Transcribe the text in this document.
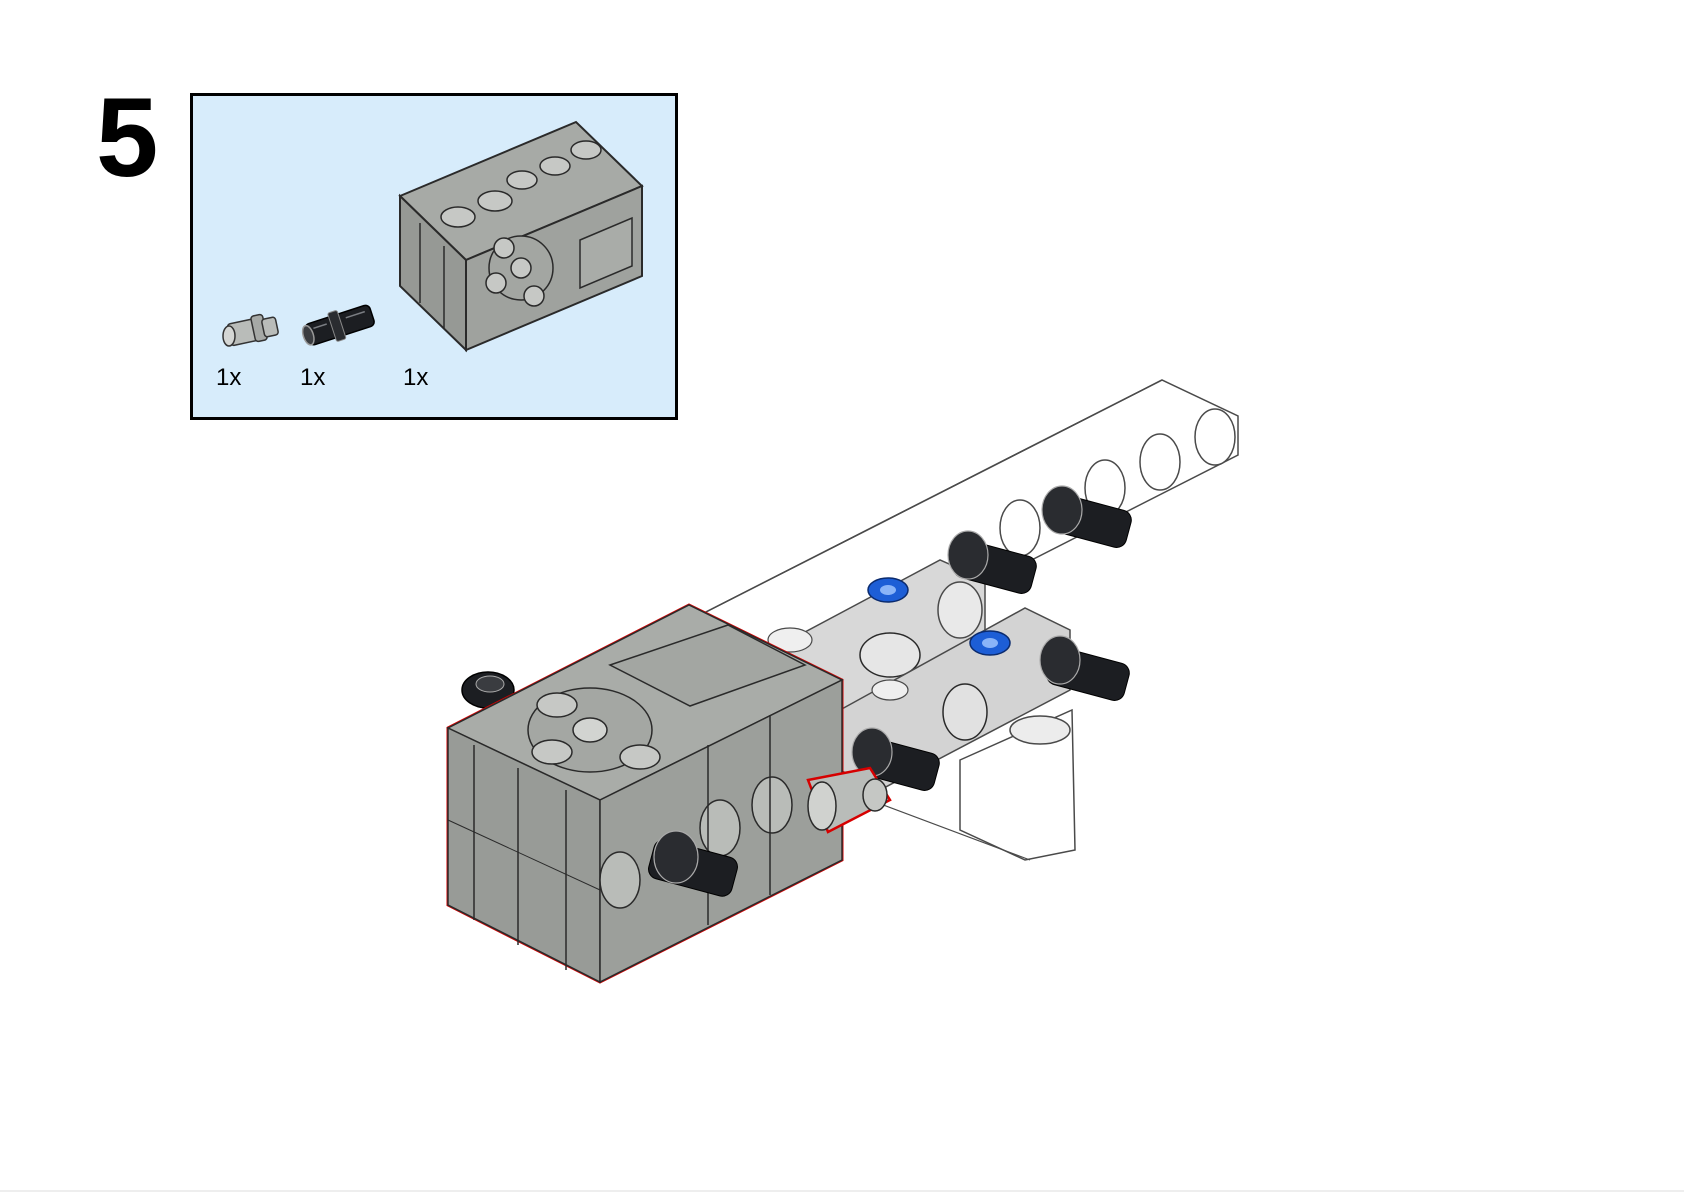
5
1x 1x	1x
